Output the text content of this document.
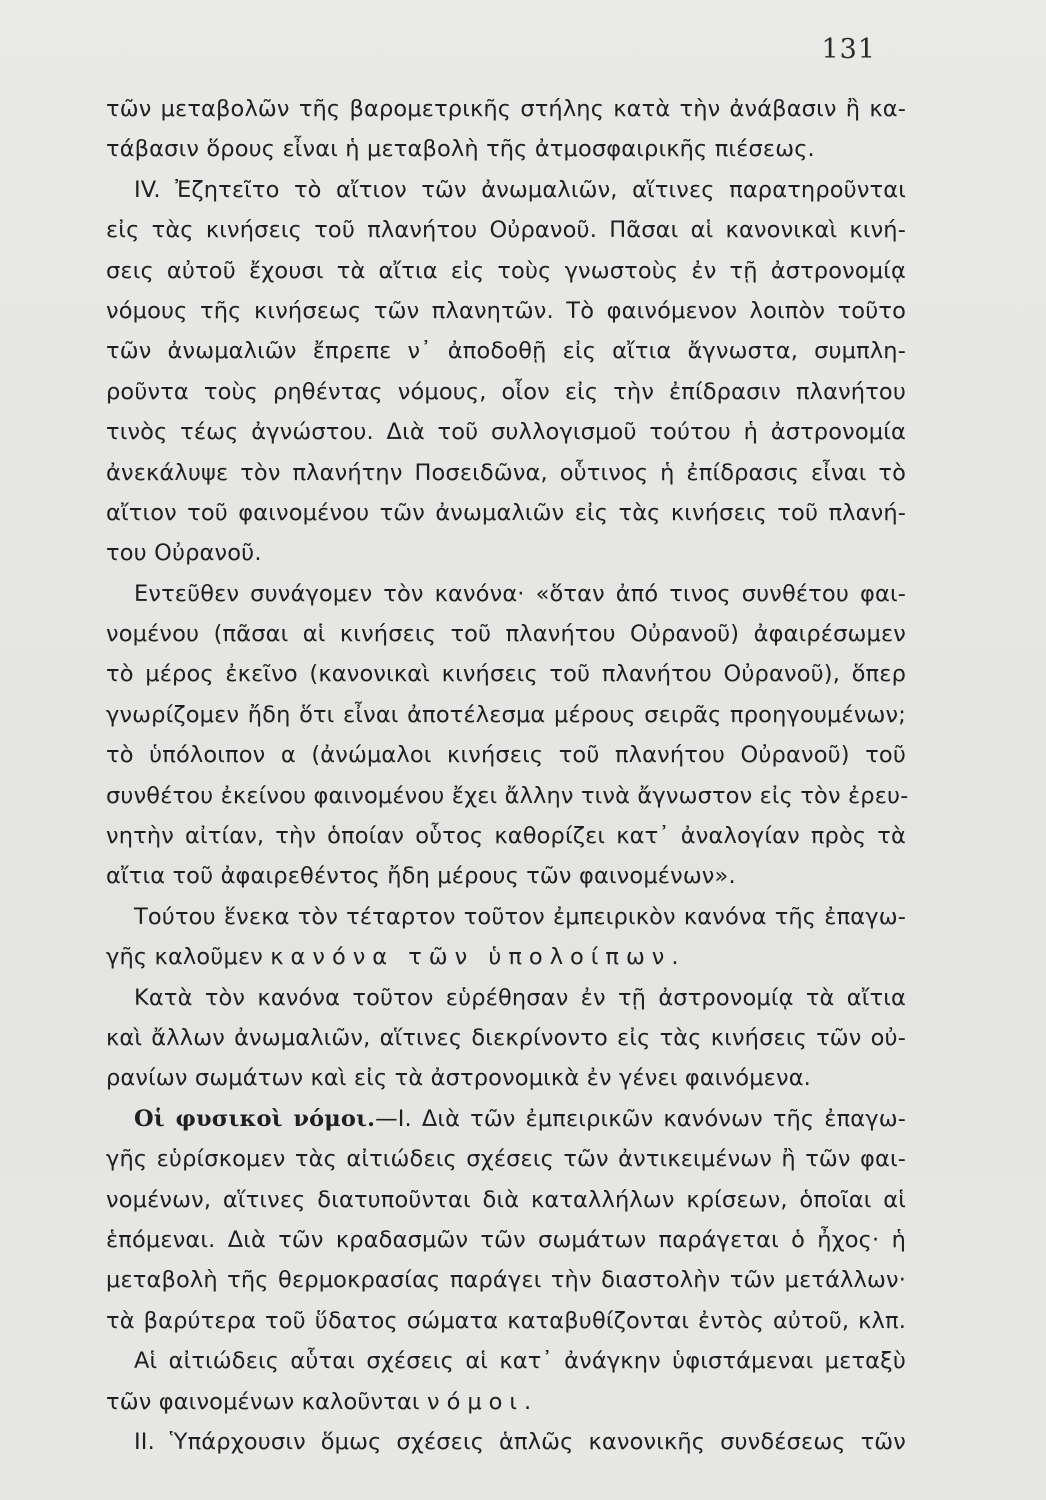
131
τῶν μεταβολῶν τῆς βαρομετρικῆς στήλης κατὰ τὴν ἀνάβασιν ἢ κα-
τάβασιν ὅρους εἶναι ἡ μεταβολὴ τῆς ἀτμοσφαιρικῆς πιέσεως.
IV. Ἐζητεῖτο τὸ αἴτιον τῶν ἀνωμαλιῶν, αἵτινες παρατηροῦνται
εἰς τὰς κινήσεις τοῦ πλανήτου Οὐρανοῦ. Πᾶσαι αἱ κανονικαὶ κινή-
σεις αὐτοῦ ἔχουσι τὰ αἴτια εἰς τοὺς γνωστοὺς ἐν τῇ ἀστρονομίᾳ
νόμους τῆς κινήσεως τῶν πλανητῶν. Τὸ φαινόμενον λοιπὸν τοῦτο
τῶν ἀνωμαλιῶν ἔπρεπε ν᾿ ἀποδοθῇ εἰς αἴτια ἄγνωστα, συμπλη-
ροῦντα τοὺς ρηθέντας νόμους, οἷον εἰς τὴν ἐπίδρασιν πλανήτου
τινὸς τέως ἀγνώστου. Διὰ τοῦ συλλογισμοῦ τούτου ἡ ἀστρονομία
ἀνεκάλυψε τὸν πλανήτην Ποσειδῶνα, οὗτινος ἡ ἐπίδρασις εἶναι τὸ
αἴτιον τοῦ φαινομένου τῶν ἀνωμαλιῶν εἰς τὰς κινήσεις τοῦ πλανή-
του Οὐρανοῦ.
Εντεῦθεν συνάγομεν τὸν κανόνα· «ὅταν ἀπό τινος συνθέτου φαι-
νομένου (πᾶσαι αἱ κινήσεις τοῦ πλανήτου Οὐρανοῦ) ἀφαιρέσωμεν
τὸ μέρος ἐκεῖνο (κανονικαὶ κινήσεις τοῦ πλανήτου Οὐρανοῦ), ὅπερ
γνωρίζομεν ἤδη ὅτι εἶναι ἀποτέλεσμα μέρους σειρᾶς προηγουμένων;
τὸ ὑπόλοιπον α (ἀνώμαλοι κινήσεις τοῦ πλανήτου Οὐρανοῦ) τοῦ
συνθέτου ἐκείνου φαινομένου ἔχει ἄλλην τινὰ ἄγνωστον εἰς τὸν ἐρευ-
νητὴν αἰτίαν, τὴν ὁποίαν οὗτος καθορίζει κατ᾿ ἀναλογίαν πρὸς τὰ
αἴτια τοῦ ἀφαιρεθέντος ἤδη μέρους τῶν φαινομένων».
Τούτου ἕνεκα τὸν τέταρτον τοῦτον ἐμπειρικὸν κανόνα τῆς ἐπαγω-
γῆς καλοῦμεν κανόνα τῶν ὑπολοίπων.
Κατὰ τὸν κανόνα τοῦτον εὑρέθησαν ἐν τῇ ἀστρονομίᾳ τὰ αἴτια
καὶ ἄλλων ἀνωμαλιῶν, αἵτινες διεκρίνοντο εἰς τὰς κινήσεις τῶν οὐ-
ρανίων σωμάτων καὶ εἰς τὰ ἀστρονομικὰ ἐν γένει φαινόμενα.
Οἱ φυσικοὶ νόμοι.—I. Διὰ τῶν ἐμπειρικῶν κανόνων τῆς ἐπαγω-
γῆς εὑρίσκομεν τὰς αἰτιώδεις σχέσεις τῶν ἀντικειμένων ἢ τῶν φαι-
νομένων, αἵτινες διατυποῦνται διὰ καταλλήλων κρίσεων, ὁποῖαι αἱ
ἑπόμεναι. Διὰ τῶν κραδασμῶν τῶν σωμάτων παράγεται ὁ ἦχος· ἡ
μεταβολὴ τῆς θερμοκρασίας παράγει τὴν διαστολὴν τῶν μετάλλων·
τὰ βαρύτερα τοῦ ὕδατος σώματα καταβυθίζονται ἐντὸς αὐτοῦ, κλπ.
Αἱ αἰτιώδεις αὗται σχέσεις αἱ κατ᾿ ἀνάγκην ὑφιστάμεναι μεταξὺ
τῶν φαινομένων καλοῦνται νόμοι.
II. Ὑπάρχουσιν ὅμως σχέσεις ἁπλῶς κανονικῆς συνδέσεως τῶν
